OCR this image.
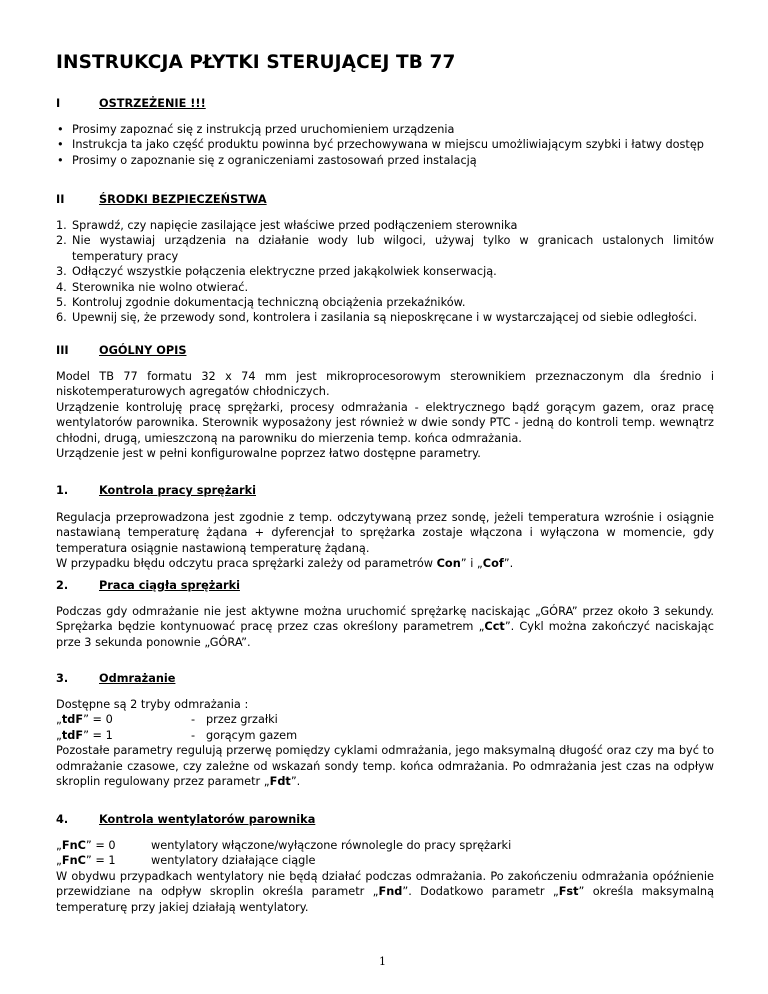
INSTRUKCJA PŁYTKI STERUJĄCEJ TB 77
I	OSTRZEŻENIE !!!
• Prosimy zapoznać się z instrukcją przed uruchomieniem urządzenia
• Instrukcja ta jako część produktu powinna być przechowywana w miejscu umożliwiającym szybki i łatwy dostęp
• Prosimy o zapoznanie się z ograniczeniami zastosowań przed instalacją
II	ŚRODKI BEZPIECZEŃSTWA
1. Sprawdź, czy napięcie zasilające jest właściwe przed podłączeniem sterownika
2. Nie wystawiaj urządzenia na działanie wody lub wilgoci, używaj tylko w granicach ustalonych limitów temperatury pracy
3. Odłączyć wszystkie połączenia elektryczne przed jakąkolwiek konserwacją.
4. Sterownika nie wolno otwierać.
5. Kontroluj zgodnie dokumentacją techniczną obciążenia przekaźników.
6. Upewnij się, że przewody sond, kontrolera i zasilania są nieposkręcane i w wystarczającej od siebie odległości.
III	OGÓLNY OPIS
Model TB 77 formatu 32 x 74 mm jest mikroprocesorowym sterownikiem przeznaczonym dla średnio i niskotemperaturowych agregatów chłodniczych.
Urządzenie kontroluję pracę sprężarki, procesy odmrażania - elektrycznego bądź gorącym gazem, oraz pracę wentylatorów parownika. Sterownik wyposażony jest również w dwie sondy PTC - jedną do kontroli temp. wewnątrz chłodni, drugą, umieszczoną na parowniku do mierzenia temp. końca odmrażania.
Urządzenie jest w pełni konfigurowalne poprzez łatwo dostępne parametry.
1.	Kontrola pracy sprężarki
Regulacja przeprowadzona jest zgodnie z temp. odczytywaną przez sondę, jeżeli temperatura wzrośnie i osiągnie nastawianą temperaturę żądana + dyferencjał to sprężarka zostaje włączona i wyłączona w momencie, gdy temperatura osiągnie nastawioną temperaturę żądaną.
W przypadku błędu odczytu praca sprężarki zależy od parametrów Con” i „Cof”.
2.	Praca ciągła sprężarki
Podczas gdy odmrażanie nie jest aktywne można uruchomić sprężarkę naciskając „GÓRA” przez około 3 sekundy. Sprężarka będzie kontynuować pracę przez czas określony parametrem „Cct”. Cykl można zakończyć naciskając prze 3 sekunda ponownie „GÓRA”.
3.	Odmrażanie
Dostępne są 2 tryby odmrażania :
„tdF” = 0	- przez grzałki
„tdF” = 1	- gorącym gazem
Pozostałe parametry regulują przerwę pomiędzy cyklami odmrażania, jego maksymalną długość oraz czy ma być to odmrażanie czasowe, czy zależne od wskazań sondy temp. końca odmrażania. Po odmrażania jest czas na odpływ skroplin regulowany przez parametr „Fdt”.
4.	Kontrola wentylatorów parownika
„FnC” = 0	wentylatory włączone/wyłączone równolegle do pracy sprężarki
„FnC” = 1	wentylatory działające ciągle
W obydwu przypadkach wentylatory nie będą działać podczas odmrażania. Po zakończeniu odmrażania opóźnienie przewidziane na odpływ skroplin określa parametr „Fnd”. Dodatkowo parametr „Fst” określa maksymalną temperaturę przy jakiej działają wentylatory.
1
